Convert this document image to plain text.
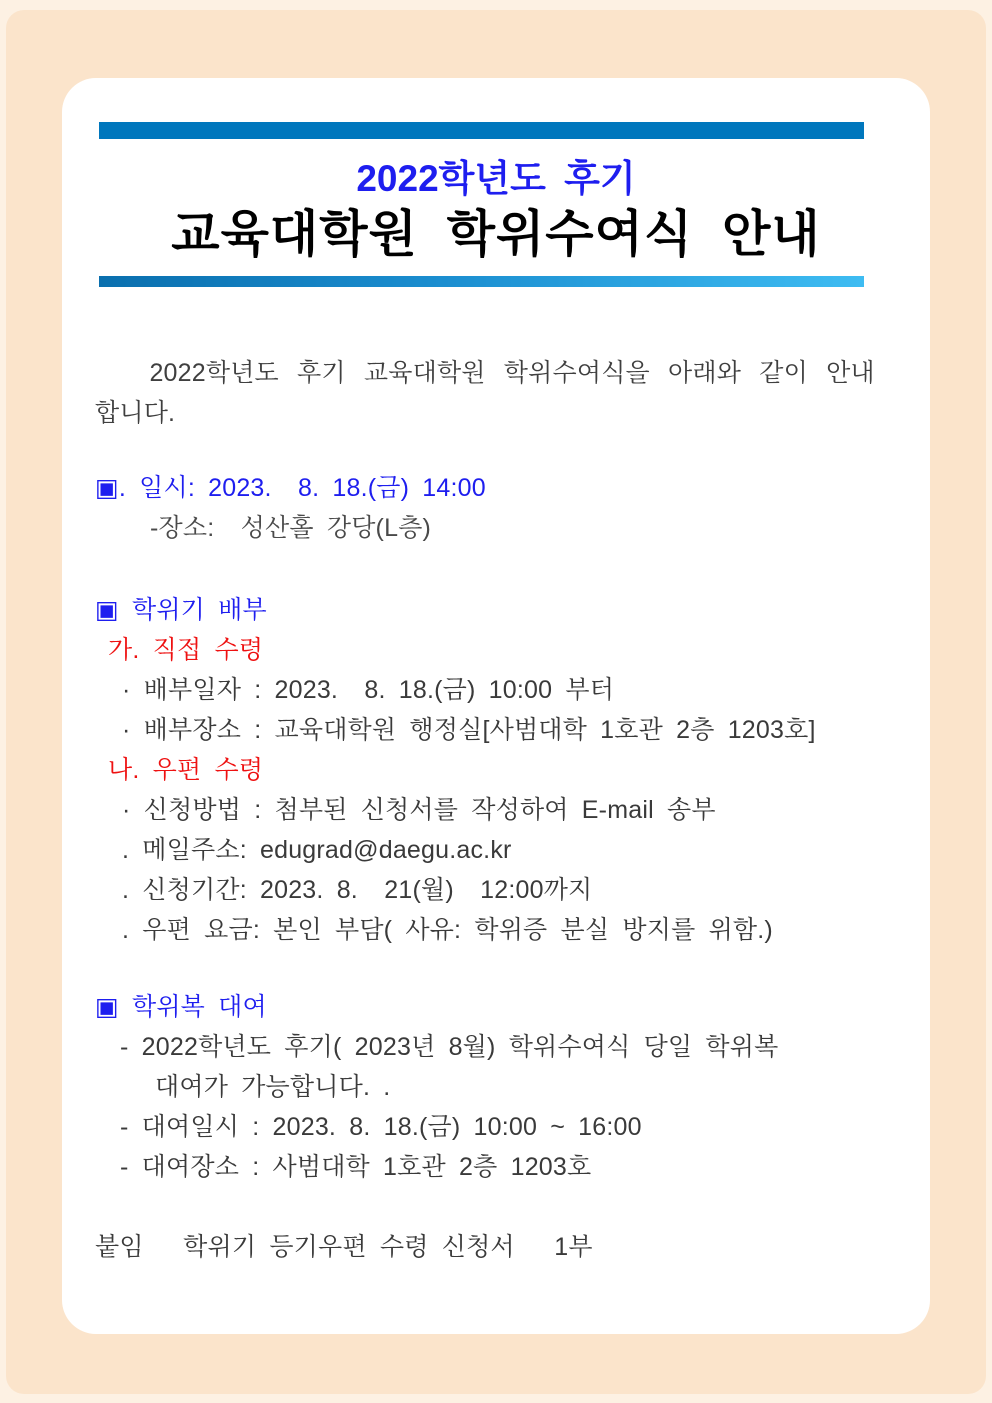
2022학년도 후기
교육대학원 학위수여식 안내
2022학년도 후기 교육대학원 학위수여식을 아래와 같이 안내
합니다.
▣. 일시: 2023.  8. 18.(금) 14:00
-장소:  성산홀 강당(L층)
▣ 학위기 배부
가. 직접 수령
· 배부일자 : 2023.  8. 18.(금) 10:00 부터
· 배부장소 : 교육대학원 행정실[사범대학 1호관 2층 1203호]
나. 우편 수령
· 신청방법 : 첨부된 신청서를 작성하여 E-mail 송부
. 메일주소: edugrad@daegu.ac.kr
. 신청기간: 2023. 8.  21(월)  12:00까지
. 우편 요금: 본인 부담( 사유: 학위증 분실 방지를 위함.)
▣ 학위복 대여
- 2022학년도 후기( 2023년 8월) 학위수여식 당일 학위복
대여가 가능합니다. .
- 대여일시 : 2023. 8. 18.(금) 10:00 ~ 16:00
- 대여장소 : 사범대학 1호관 2층 1203호
붙임   학위기 등기우편 수령 신청서   1부
